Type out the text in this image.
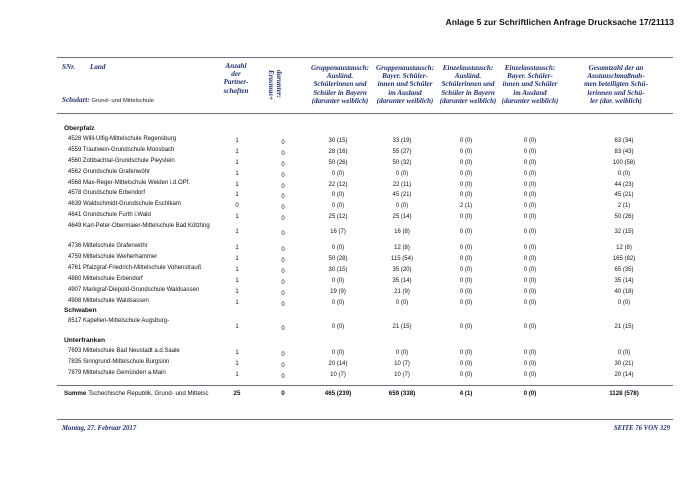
Anlage 5 zur Schriftlichen Anfrage Drucksache 17/21113
SNr. Land
Schulart: Grund- und Mittelschule
Anzahl
der
Partner-
schaften	darunter:
Erasmus+
Gruppenaustausch:
Ausländ.
Schülerinnen und
Schüler in Bayern
(darunter weiblich)
Gruppenaustausch:
Bayer. Schüler-
innen und Schüler
im Ausland
(darunter weiblich)
Einzelaustausch:
Ausländ.
Schülerinnen und
Schüler in Bayern
(darunter weiblich)
Einzelaustausch:
Bayer. Schüler-
innen und Schüler
im Ausland
(darunter weiblich)
Gesamtzahl der an
Austauschmaßnah-
men beteiligten Schü-
lerinnen und Schü-
ler (dar. weiblich)
Oberpfalz
4528 Willi-Ulfig-Mittelschule Regensburg	1	0	30 (15)	33 (19)	0 (0)	0 (0)	63 (34)
4559 Trautwein-Grundschule Moosbach	1	0	28 (16)	55 (27)	0 (0)	0 (0)	83 (43)
4560 Zottbachtal-Grundschule Pleystein	1	0	50 (26)	50 (32)	0 (0)	0 (0)	100 (58)
4562 Grundschule Grafenwöhr	1	0	0 (0)	0 (0)	0 (0)	0 (0)	0 (0)
4568 Max-Reger-Mittelschule Weiden i.d.OPf.	1	0	22 (12)	22 (11)	0 (0)	0 (0)	44 (23)
4578 Grundschule Erbendorf	1	0	0 (0)	45 (21)	0 (0)	0 (0)	45 (21)
4639 Waldschmidt-Grundschule Eschlkam	0	0	0 (0)	0 (0)	2 (1)	0 (0)	2 (1)
4641 Grundschule Furth i.Wald	1	0	25 (12)	25 (14)	0 (0)	0 (0)	50 (26)
4649 Karl-Peter-Obermaier-Mittelschule Bad Kötzting
1	0	16 (7)	16 (8)	0 (0)	0 (0)	32 (15)
4736 Mittelschule Grafenwöhr	1	0	0 (0)	12 (8)	0 (0)	0 (0)	12 (8)
4759 Mittelschule Weiherhammer	1	0	50 (28)	115 (54)	0 (0)	0 (0)	165 (82)
4761 Pfalzgraf-Friedrich-Mittelschule Vohenstrauß	1	0	30 (15)	35 (20)	0 (0)	0 (0)	65 (35)
4880 Mittelschule Erbendorf	1	0	0 (0)	35 (14)	0 (0)	0 (0)	35 (14)
4907 Markgraf-Diepold-Grundschule Waldsassen	1	0	19 (9)	21 (9)	0 (0)	0 (0)	40 (18)
4908 Mittelschule Waldsassen	1	0	0 (0)	0 (0)	0 (0)	0 (0)	0 (0)
Schwaben
8517 Kapellen-Mittelschule Augsburg-
1	0	0 (0)	21 (15)	0 (0)	0 (0)	21 (15)
Unterfranken
7693 Mittelschule Bad Neustadt a.d.Saale	1	0	0 (0)	0 (0)	0 (0)	0 (0)	0 (0)
7835 Sinngrund-Mittelschule Burgsinn	1	0	20 (14)	10 (7)	0 (0)	0 (0)	30 (21)
7879 Mittelschule Gemünden a.Main	1	0	10 (7)	10 (7)	0 (0)	0 (0)	20 (14)
Summe Tschechische Republik, Grund- und Mittelsc	25	0	465 (239)	659 (338)	4 (1)	0 (0)	1128 (578)
Montag, 27. Februar 2017	SEITE 76 VON 329
